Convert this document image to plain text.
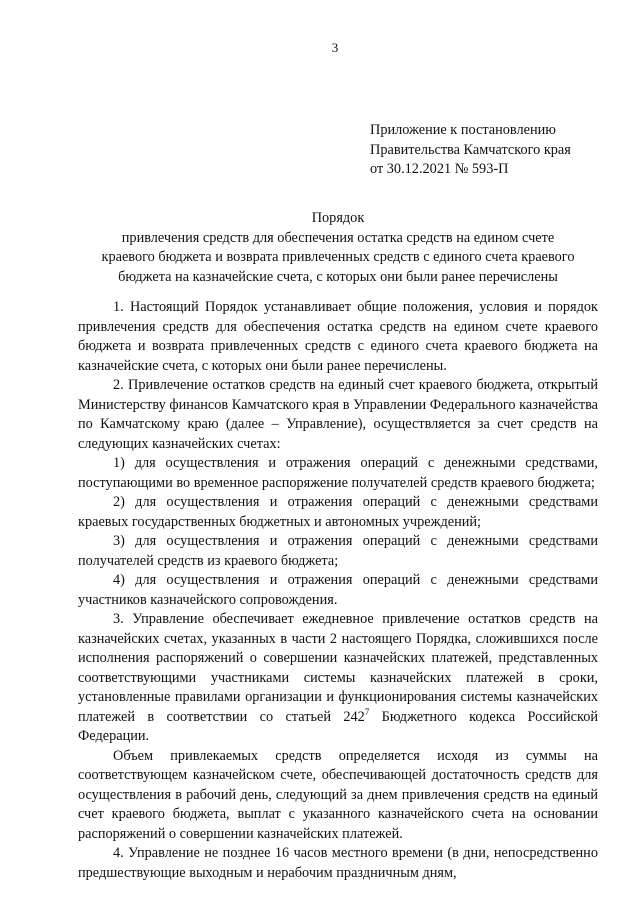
3
Приложение к постановлению
Правительства Камчатского края
от 30.12.2021 № 593-П
Порядок
привлечения средств для обеспечения остатка средств на едином счете
краевого бюджета и возврата привлеченных средств с единого счета краевого
бюджета на казначейские счета, с которых они были ранее перечислены

1. Настоящий Порядок устанавливает общие положения, условия и порядок привлечения средств для обеспечения остатка средств на едином счете краевого бюджета и возврата привлеченных средств с единого счета краевого бюджета на казначейские счета, с которых они были ранее перечислены.

2. Привлечение остатков средств на единый счет краевого бюджета, открытый Министерству финансов Камчатского края в Управлении Федерального казначейства по Камчатскому краю (далее – Управление), осуществляется за счет средств на следующих казначейских счетах:

1) для осуществления и отражения операций с денежными средствами, поступающими во временное распоряжение получателей средств краевого бюджета;

2) для осуществления и отражения операций с денежными средствами краевых государственных бюджетных и автономных учреждений;

3) для осуществления и отражения операций с денежными средствами получателей средств из краевого бюджета;

4) для осуществления и отражения операций с денежными средствами участников казначейского сопровождения.

3. Управление обеспечивает ежедневное привлечение остатков средств на казначейских счетах, указанных в части 2 настоящего Порядка, сложившихся после исполнения распоряжений о совершении казначейских платежей, представленных соответствующими участниками системы казначейских платежей в сроки, установленные правилами организации и функционирования системы казначейских платежей в соответствии со статьей $242^7$ Бюджетного кодекса Российской Федерации.

Объем привлекаемых средств определяется исходя из суммы на соответствующем казначейском счете, обеспечивающей достаточность средств для осуществления в рабочий день, следующий за днем привлечения средств на единый счет краевого бюджета, выплат с указанного казначейского счета на основании распоряжений о совершении казначейских платежей.

4. Управление не позднее 16 часов местного времени (в дни, непосредственно предшествующие выходным и нерабочим праздничным дням,
